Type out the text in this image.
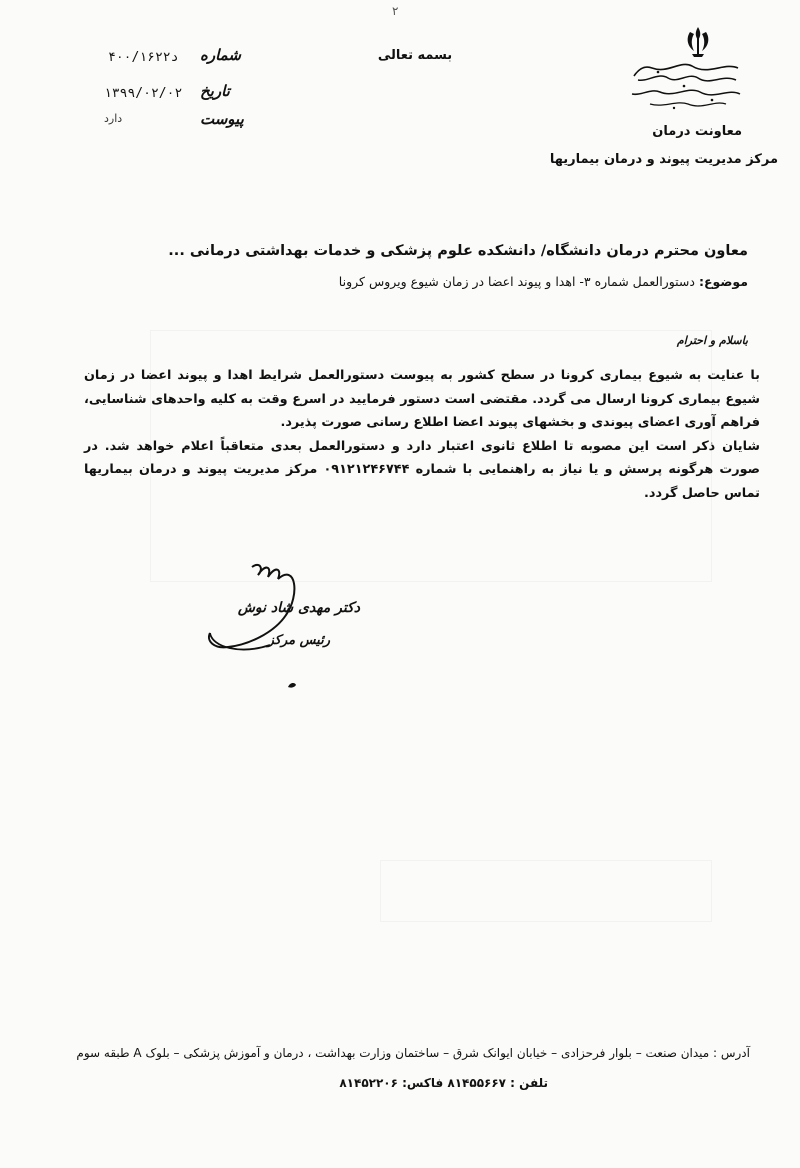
۲
بسمه تعالی
معاونت درمان
مرکز مدیریت پیوند و درمان بیماریها
شماره
۴۰۰/۱۶۲۲د
تاریخ
۱۳۹۹/۰۲/۰۲
پیوست
دارد
معاون محترم درمان دانشگاه/ دانشکده علوم پزشکی و خدمات بهداشتی درمانی ...
موضوع: دستورالعمل شماره ۳- اهدا و پیوند اعضا در زمان شیوع ویروس کرونا
باسلام و احترام

با عنایت به شیوع بیماری کرونا در سطح کشور به پیوست دستورالعمل شرایط اهدا و پیوند اعضا در زمان شیوع بیماری کرونا ارسال می گردد. مقتضی است دستور فرمایید در اسرع وقت به کلیه واحدهای شناسایی، فراهم آوری اعضای پیوندی و بخشهای پیوند اعضا اطلاع رسانی صورت پذیرد.

شایان ذکر است این مصوبه تا اطلاع ثانوی اعتبار دارد و دستورالعمل بعدی متعاقباً اعلام خواهد شد. در صورت هرگونه پرسش و یا نیاز به راهنمایی با شماره ۰۹۱۲۱۲۴۶۷۴۴ مرکز مدیریت پیوند و درمان بیماریها تماس حاصل گردد.

دکتر مهدی شاد نوش
رئیس مرکز
آدرس : میدان صنعت – بلوار فرحزادی – خیابان ایوانک شرق – ساختمان وزارت بهداشت ، درمان و آموزش پزشکی – بلوک A طبقه سوم
تلفن : ۸۱۴۵۵۶۶۷ فاکس: ۸۱۴۵۲۲۰۶
